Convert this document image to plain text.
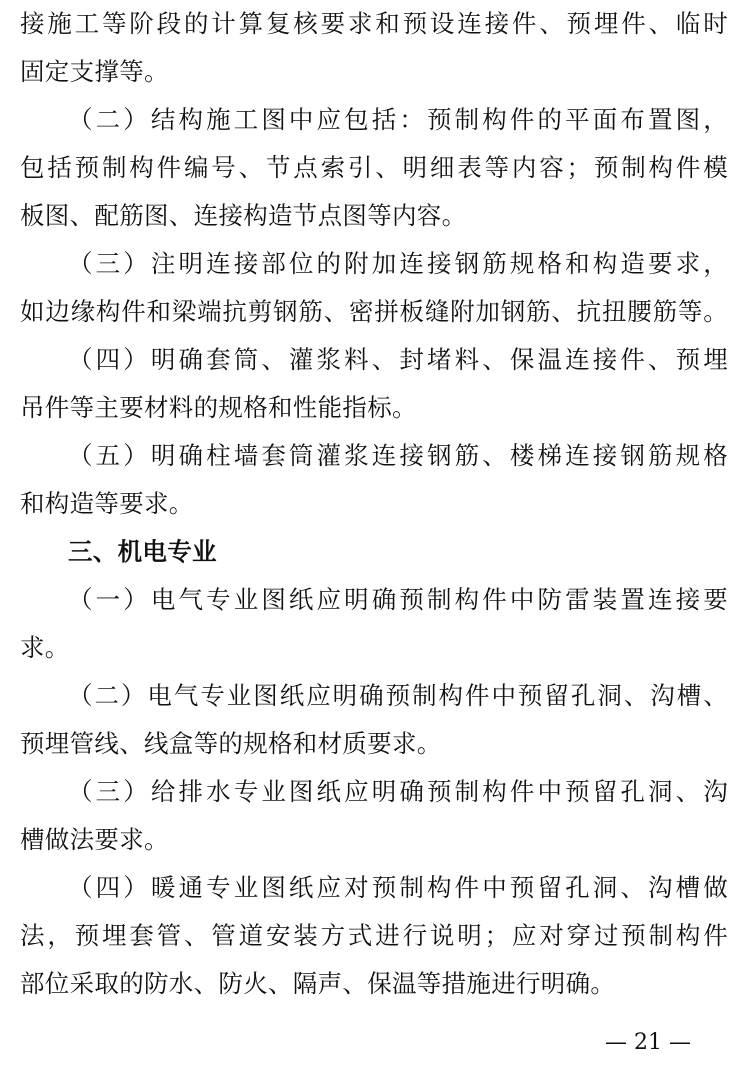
接施工等阶段的计算复核要求和预设连接件、预埋件、临时
固定支撑等。
（二）结构施工图中应包括：预制构件的平面布置图，
包括预制构件编号、节点索引、明细表等内容；预制构件模
板图、配筋图、连接构造节点图等内容。
（三）注明连接部位的附加连接钢筋规格和构造要求，
如边缘构件和梁端抗剪钢筋、密拼板缝附加钢筋、抗扭腰筋等。
（四）明确套筒、灌浆料、封堵料、保温连接件、预埋
吊件等主要材料的规格和性能指标。
（五）明确柱墙套筒灌浆连接钢筋、楼梯连接钢筋规格
和构造等要求。
三、机电专业
（一）电气专业图纸应明确预制构件中防雷装置连接要
求。
（二）电气专业图纸应明确预制构件中预留孔洞、沟槽、
预埋管线、线盒等的规格和材质要求。
（三）给排水专业图纸应明确预制构件中预留孔洞、沟
槽做法要求。
（四）暖通专业图纸应对预制构件中预留孔洞、沟槽做
法，预埋套管、管道安装方式进行说明；应对穿过预制构件
部位采取的防水、防火、隔声、保温等措施进行明确。
— 21 —
